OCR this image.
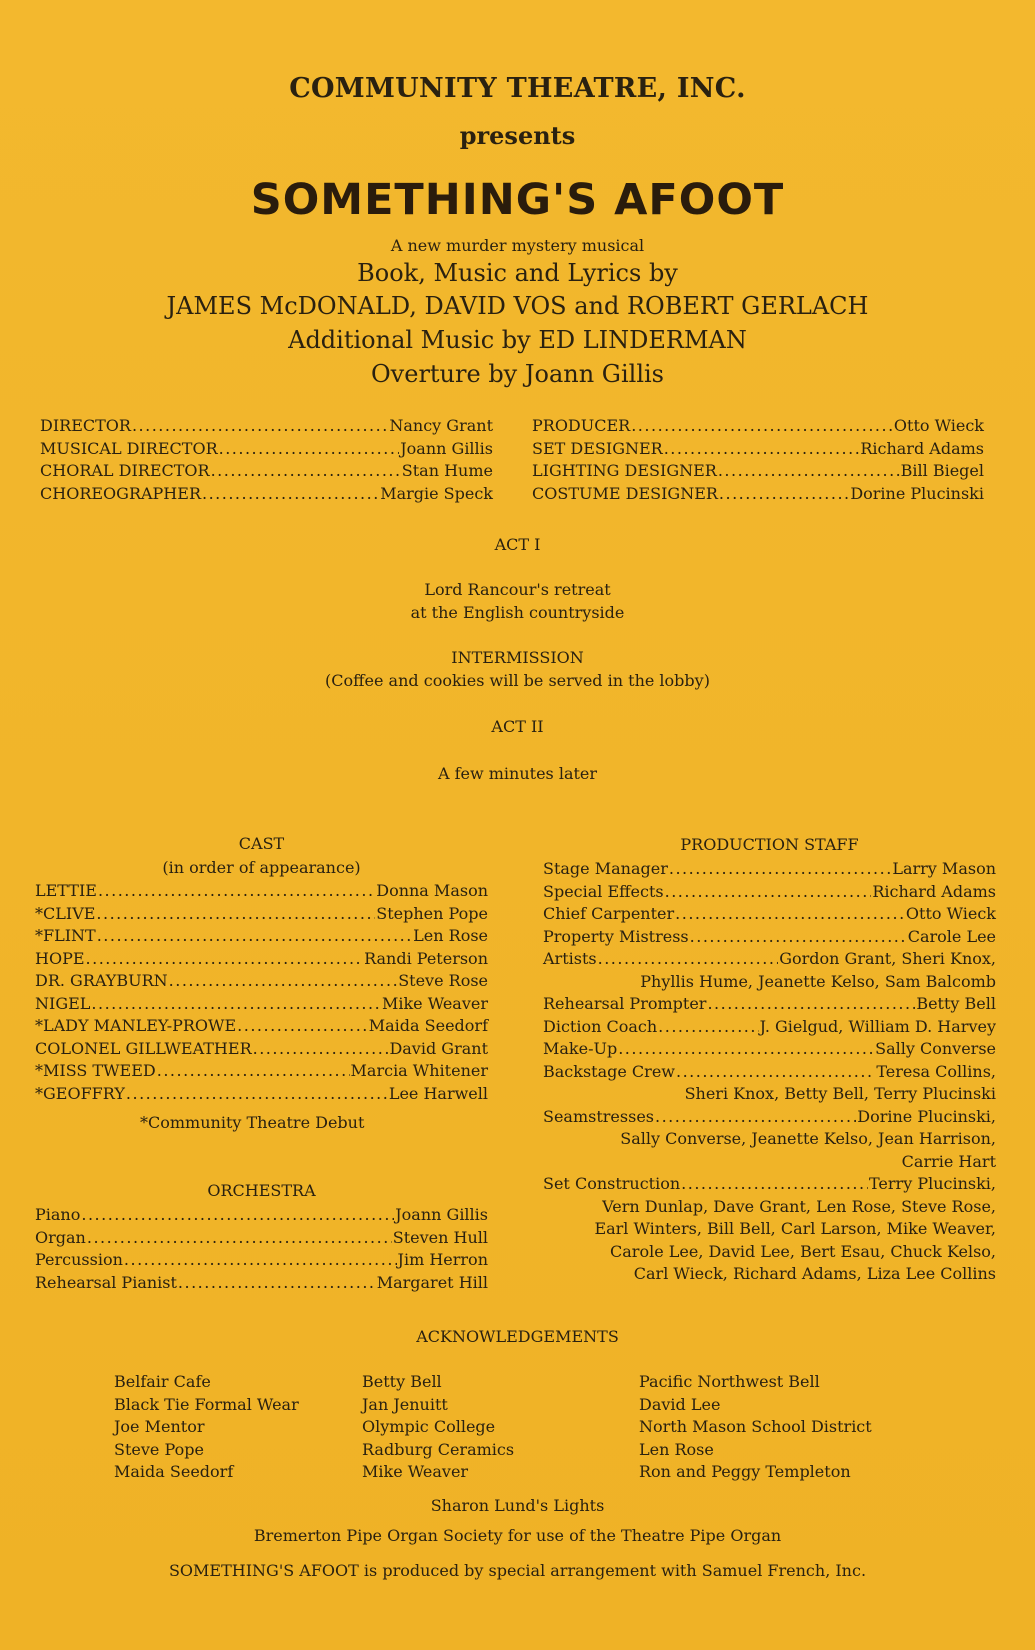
COMMUNITY THEATRE, INC.
presents
SOMETHING'S AFOOT
A new murder mystery musical
Book, Music and Lyrics by
JAMES McDONALD, DAVID VOS and ROBERT GERLACH
Additional Music by ED LINDERMAN
Overture by Joann Gillis
DIRECTOR .....	Nancy Grant
MUSICAL DIRECTOR .....	Joann Gillis
CHORAL DIRECTOR .....	Stan Hume
CHOREOGRAPHER .....	Margie Speck
PRODUCER .....	Otto Wieck
SET DESIGNER .....	Richard Adams
LIGHTING DESIGNER .....	Bill Biegel
COSTUME DESIGNER .....	Dorine Plucinski
ACT I
Lord Rancour's retreat
at the English countryside
INTERMISSION
(Coffee and cookies will be served in the lobby)
ACT II
A few minutes later
CAST
(in order of appearance)
LETTIE .....	Donna Mason
*CLIVE .....	Stephen Pope
*FLINT .....	Len Rose
HOPE .....	Randi Peterson
DR. GRAYBURN .....	Steve Rose
NIGEL .....	Mike Weaver
*LADY MANLEY-PROWE .....	Maida Seedorf
COLONEL GILLWEATHER .....	David Grant
*MISS TWEED .....	Marcia Whitener
*GEOFFRY .....	Lee Harwell
*Community Theatre Debut
ORCHESTRA
Piano .....	Joann Gillis
Organ .....	Steven Hull
Percussion .....	Jim Herron
Rehearsal Pianist .....	Margaret Hill
PRODUCTION STAFF
Stage Manager .....	Larry Mason
Special Effects .....	Richard Adams
Chief Carpenter .....	Otto Wieck
Property Mistress .....	Carole Lee
Artists .....	Gordon Grant, Sheri Knox,
Phyllis Hume, Jeanette Kelso, Sam Balcomb
Rehearsal Prompter .....	Betty Bell
Diction Coach .....	J. Gielgud, William D. Harvey
Make-Up .....	Sally Converse
Backstage Crew .....	Teresa Collins,
Sheri Knox, Betty Bell, Terry Plucinski
Seamstresses .....	Dorine Plucinski,
Sally Converse, Jeanette Kelso, Jean Harrison,
Carrie Hart
Set Construction .....	Terry Plucinski,
Vern Dunlap, Dave Grant, Len Rose, Steve Rose,
Earl Winters, Bill Bell, Carl Larson, Mike Weaver,
Carole Lee, David Lee, Bert Esau, Chuck Kelso,
Carl Wieck, Richard Adams, Liza Lee Collins
ACKNOWLEDGEMENTS
Belfair Cafe
Black Tie Formal Wear
Joe Mentor
Steve Pope
Maida Seedorf
Betty Bell
Jan Jenuitt
Olympic College
Radburg Ceramics
Mike Weaver
Pacific Northwest Bell
David Lee
North Mason School District
Len Rose
Ron and Peggy Templeton
Sharon Lund's Lights
Bremerton Pipe Organ Society for use of the Theatre Pipe Organ
SOMETHING'S AFOOT is produced by special arrangement with Samuel French, Inc.
